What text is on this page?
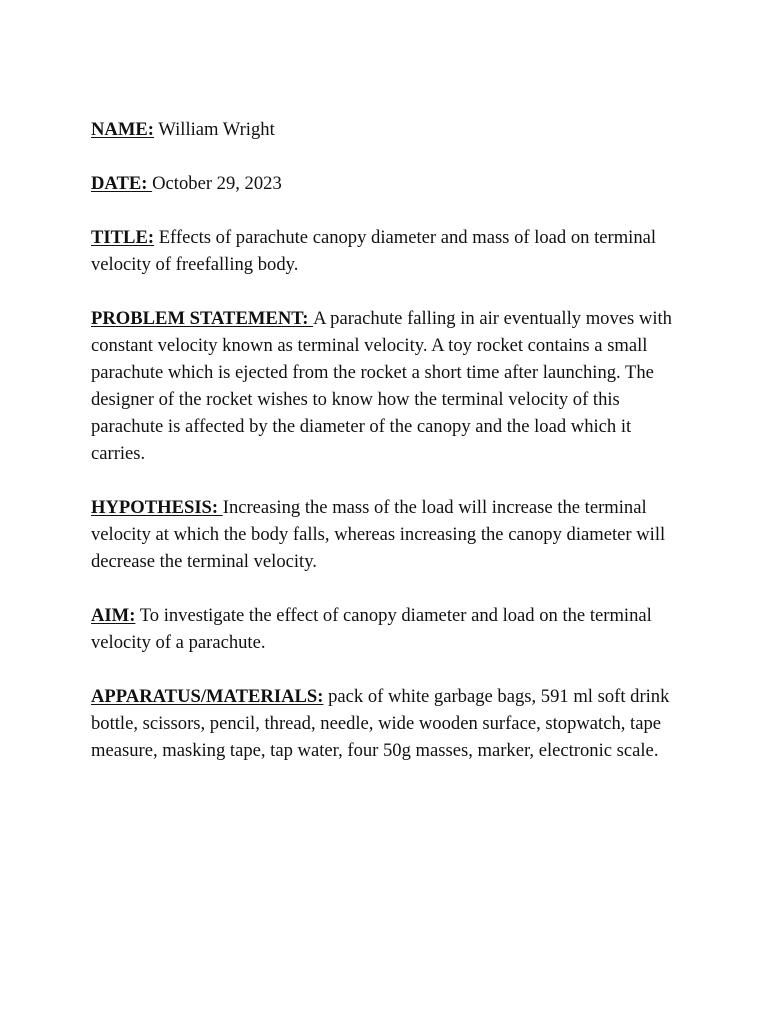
NAME: William Wright

DATE: October 29, 2023

TITLE: Effects of parachute canopy diameter and mass of load on terminal velocity of freefalling body.

PROBLEM STATEMENT: A parachute falling in air eventually moves with constant velocity known as terminal velocity. A toy rocket contains a small parachute which is ejected from the rocket a short time after launching. The designer of the rocket wishes to know how the terminal velocity of this parachute is affected by the diameter of the canopy and the load which it carries.

HYPOTHESIS: Increasing the mass of the load will increase the terminal velocity at which the body falls, whereas increasing the canopy diameter will decrease the terminal velocity.

AIM: To investigate the effect of canopy diameter and load on the terminal velocity of a parachute.

APPARATUS/MATERIALS: pack of white garbage bags, 591 ml soft drink bottle, scissors, pencil, thread, needle, wide wooden surface, stopwatch, tape measure, masking tape, tap water, four 50g masses, marker, electronic scale.
